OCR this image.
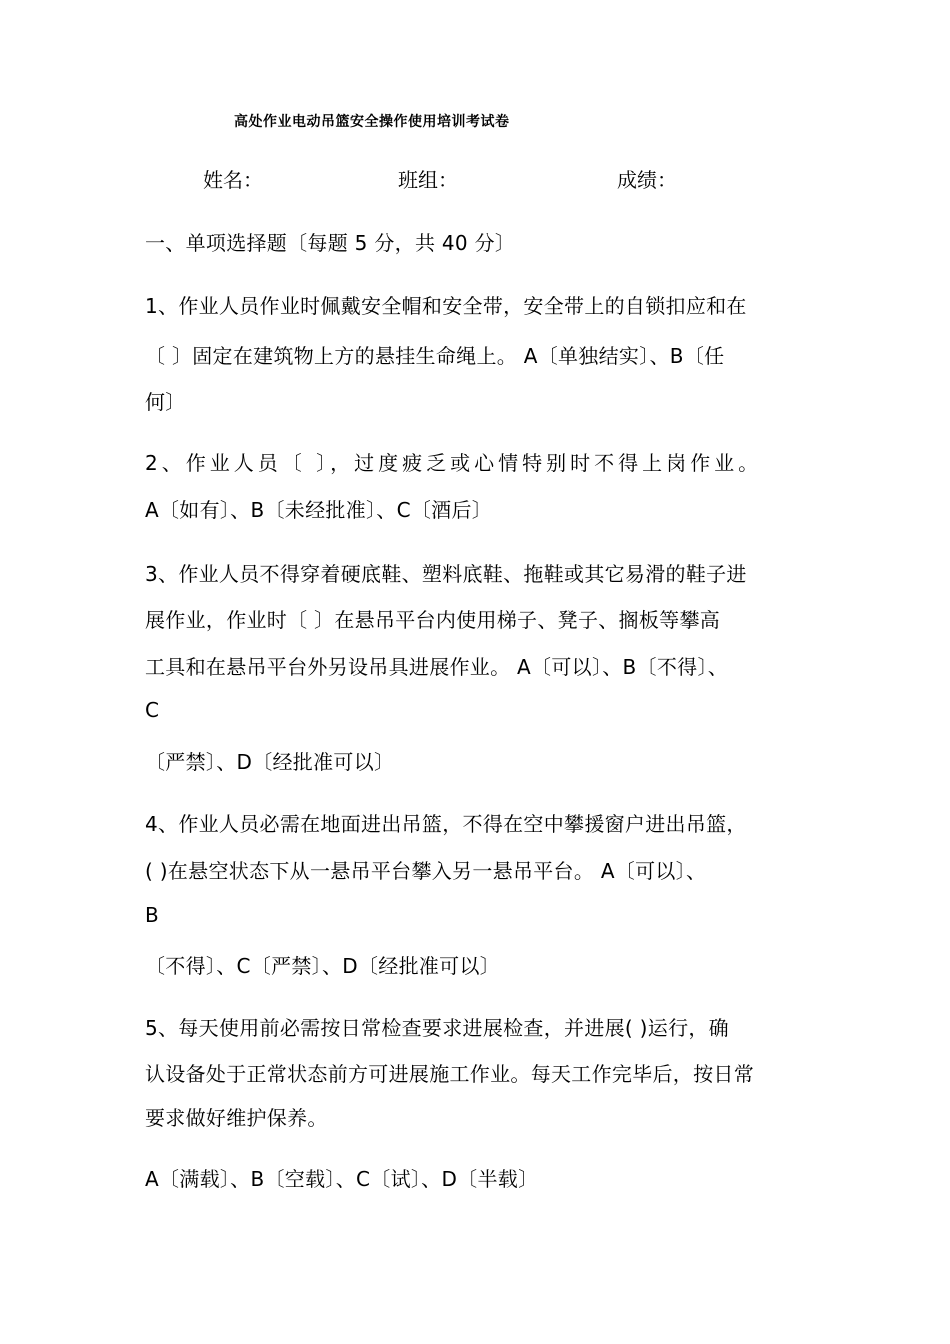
高处作业电动吊篮安全操作使用培训考试卷
姓名：	班组：	成绩：
一、单项选择题〔每题 5 分，共 40 分〕
1、作业人员作业时佩戴安全帽和安全带，安全带上的自锁扣应和在
〔 〕固定在建筑物上方的悬挂生命绳上。 A〔单独结实〕、B〔任
何〕
2、作业人员〔 〕，过度疲乏或心情特别时不得上岗作业。
A〔如有〕、B〔未经批准〕、C〔酒后〕
3、作业人员不得穿着硬底鞋、塑料底鞋、拖鞋或其它易滑的鞋子进
展作业，作业时〔 〕在悬吊平台内使用梯子、凳子、搁板等攀高
工具和在悬吊平台外另设吊具进展作业。 A〔可以〕、B〔不得〕、
C
〔严禁〕、D〔经批准可以〕
4、作业人员必需在地面进出吊篮，不得在空中攀援窗户进出吊篮，
( )在悬空状态下从一悬吊平台攀入另一悬吊平台。 A〔可以〕、
B
〔不得〕、C〔严禁〕、D〔经批准可以〕
5、每天使用前必需按日常检查要求进展检查，并进展( )运行，确
认设备处于正常状态前方可进展施工作业。每天工作完毕后，按日常
要求做好维护保养。
A〔满载〕、B〔空载〕、C〔试〕、D〔半载〕
